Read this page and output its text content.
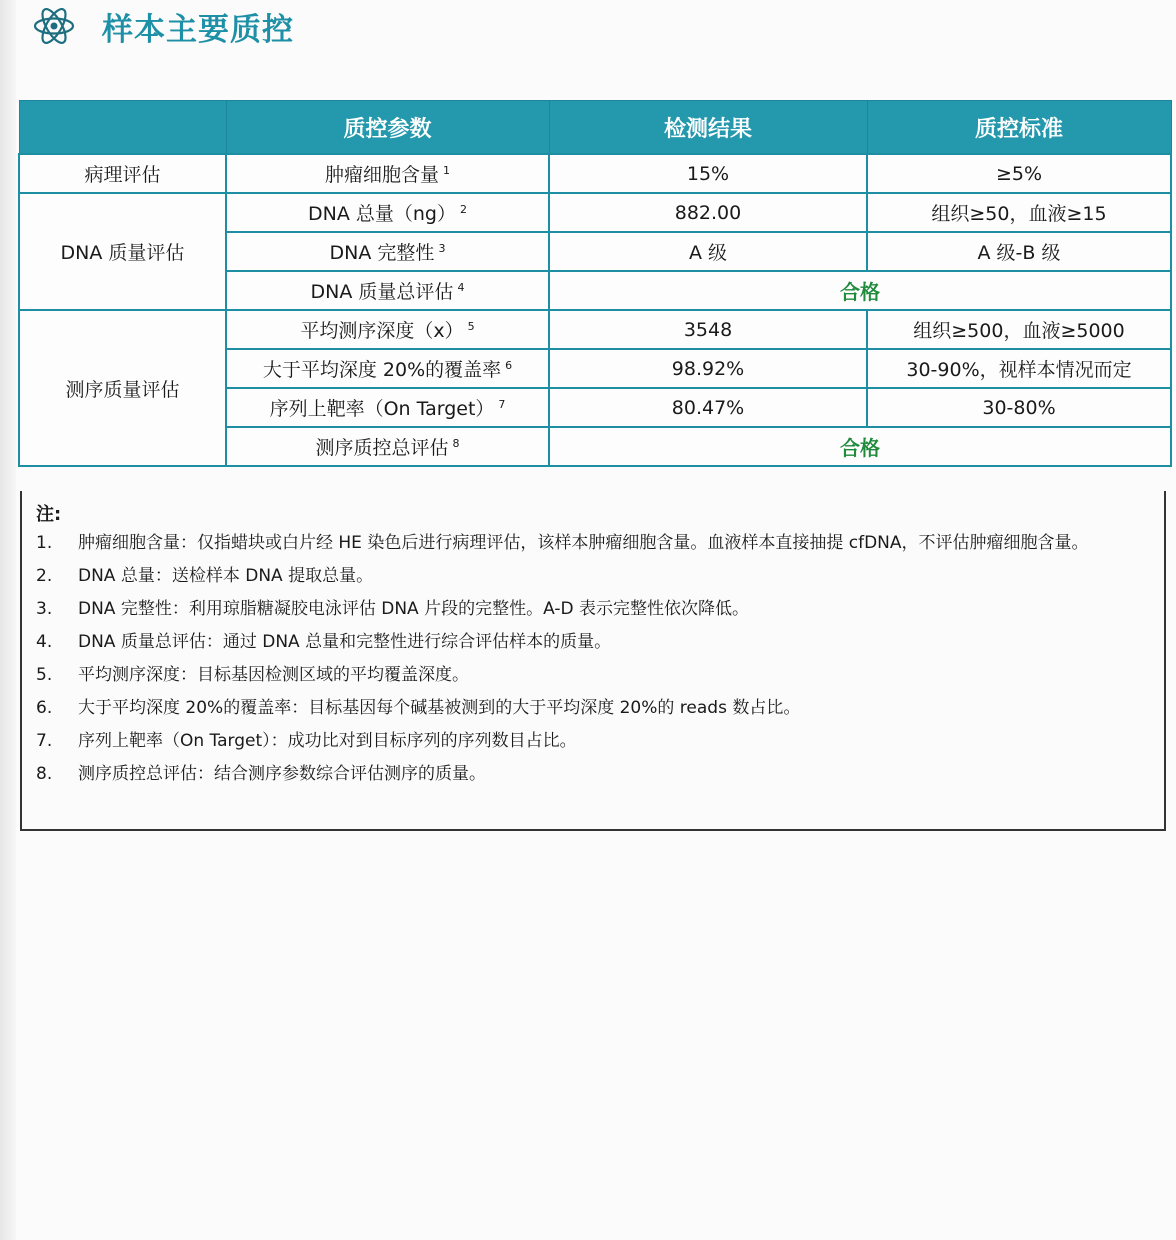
样本主要质控
	质控参数	检测结果	质控标准
病理评估	肿瘤细胞含量 $^1$	15%	≥5%
DNA 质量评估	DNA 总量（ng） $^2$	882.00	组织≥50，血液≥15
	DNA 完整性 $^3$	A 级	A 级-B 级
	DNA 质量总评估 $^4$	合格	
测序质量评估	平均测序深度（x） $^5$	3548	组织≥500，血液≥5000
	大于平均深度 20%的覆盖率 $^6$	98.92%	30-90%，视样本情况而定
	序列上靶率（On Target） $^7$	80.47%	30-80%
	测序质控总评估 $^8$	合格	
注:
1.	肿瘤细胞含量：仅指蜡块或白片经 HE 染色后进行病理评估，该样本肿瘤细胞含量。血液样本直接抽提 cfDNA，不评估肿瘤细胞含量。
2.	DNA 总量：送检样本 DNA 提取总量。
3.	DNA 完整性：利用琼脂糖凝胶电泳评估 DNA 片段的完整性。A-D 表示完整性依次降低。
4.	DNA 质量总评估：通过 DNA 总量和完整性进行综合评估样本的质量。
5.	平均测序深度：目标基因检测区域的平均覆盖深度。
6.	大于平均深度 20%的覆盖率：目标基因每个碱基被测到的大于平均深度 20%的 reads 数占比。
7.	序列上靶率（On Target）：成功比对到目标序列的序列数目占比。
8.	测序质控总评估：结合测序参数综合评估测序的质量。
